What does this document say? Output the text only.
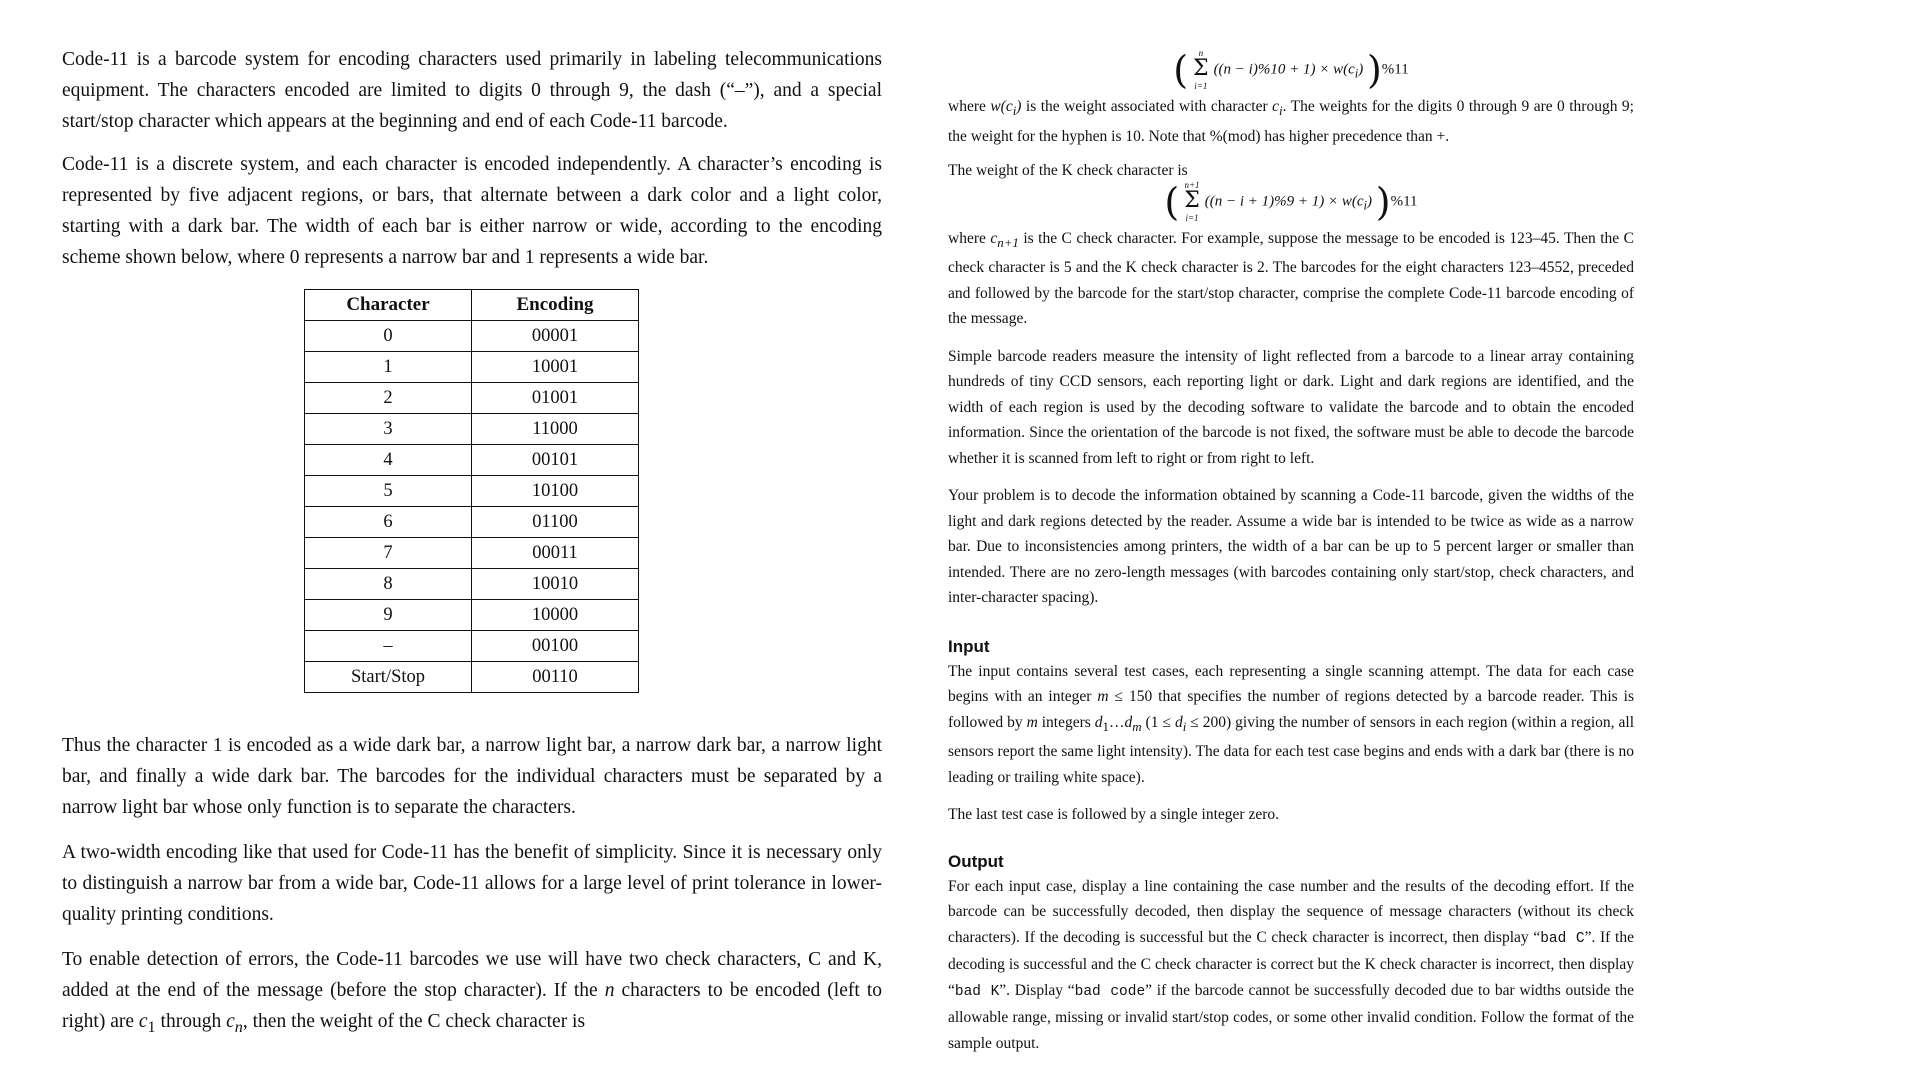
Code-11 is a barcode system for encoding characters used primarily in labeling telecommunications equipment. The characters encoded are limited to digits 0 through 9, the dash (“–”), and a special start/stop character which appears at the beginning and end of each Code-11 barcode.

Code-11 is a discrete system, and each character is encoded independently. A character’s encoding is represented by five adjacent regions, or bars, that alternate between a dark color and a light color, starting with a dark bar. The width of each bar is either narrow or wide, according to the encoding scheme shown below, where 0 represents a narrow bar and 1 represents a wide bar.

Character	Encoding
0	00001
1	10001
2	01001
3	11000
4	00101
5	10100
6	01100
7	00011
8	10010
9	10000
–	00100
Start/Stop	00110

Thus the character 1 is encoded as a wide dark bar, a narrow light bar, a narrow dark bar, a narrow light bar, and finally a wide dark bar. The barcodes for the individual characters must be separated by a narrow light bar whose only function is to separate the characters.

A two-width encoding like that used for Code-11 has the benefit of simplicity. Since it is necessary only to distinguish a narrow bar from a wide bar, Code-11 allows for a large level of print tolerance in lower-quality printing conditions.

To enable detection of errors, the Code-11 barcodes we use will have two check characters, C and K, added at the end of the message (before the stop character). If the n characters to be encoded (left to right) are $c_1$ through $c_n$, then the weight of the C check character is

(	n
Σ
i=1
$((n - i)\%10 + 1) \times w(c_i)$ )%11

where $w(c_i)$ is the weight associated with character $c_i$. The weights for the digits 0 through 9 are 0 through 9; the weight for the hyphen is 10. Note that %(mod) has higher precedence than +.

The weight of the K check character is

( n+1
Σ
i=1
$((n - i + 1)\%9 + 1) \times w(c_i)$ )%11

where $c_{n+1}$ is the C check character. For example, suppose the message to be encoded is 123–45. Then the C check character is 5 and the K check character is 2. The barcodes for the eight characters 123–4552, preceded and followed by the barcode for the start/stop character, comprise the complete Code-11 barcode encoding of the message.

Simple barcode readers measure the intensity of light reflected from a barcode to a linear array containing hundreds of tiny CCD sensors, each reporting light or dark. Light and dark regions are identified, and the width of each region is used by the decoding software to validate the barcode and to obtain the encoded information. Since the orientation of the barcode is not fixed, the software must be able to decode the barcode whether it is scanned from left to right or from right to left.

Your problem is to decode the information obtained by scanning a Code-11 barcode, given the widths of the light and dark regions detected by the reader. Assume a wide bar is intended to be twice as wide as a narrow bar. Due to inconsistencies among printers, the width of a bar can be up to 5 percent larger or smaller than intended. There are no zero-length messages (with barcodes containing only start/stop, check characters, and inter-character spacing).

Input

The input contains several test cases, each representing a single scanning attempt. The data for each case begins with an integer m ≤ 150 that specifies the number of regions detected by a barcode reader. This is followed by m integers $d_1\dots d_m$ $(1 \le d_i \le 200)$ giving the number of sensors in each region (within a region, all sensors report the same light intensity). The data for each test case begins and ends with a dark bar (there is no leading or trailing white space).

The last test case is followed by a single integer zero.

Output

For each input case, display a line containing the case number and the results of the decoding effort. If the barcode can be successfully decoded, then display the sequence of message characters (without its check characters). If the decoding is successful but the C check character is incorrect, then display “bad C”. If the decoding is successful and the C check character is correct but the K check character is incorrect, then display “bad K”. Display “bad code” if the barcode cannot be successfully decoded due to bar widths outside the allowable range, missing or invalid start/stop codes, or some other invalid condition. Follow the format of the sample output.
